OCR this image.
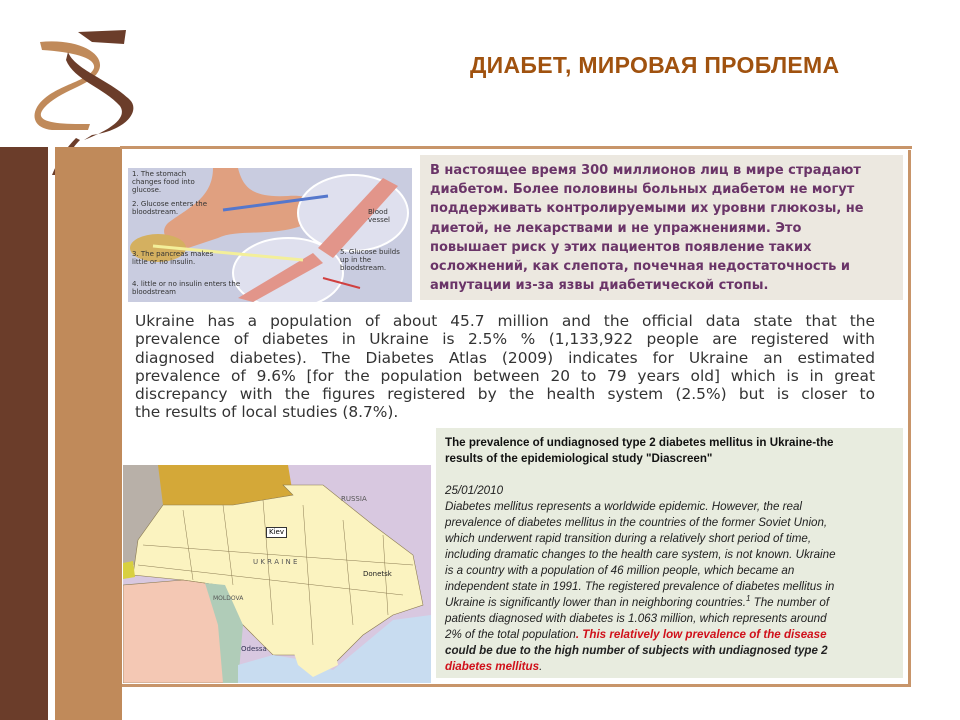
ДИАБЕТ, МИРОВАЯ ПРОБЛЕМА
1. The stomach changes food into glucose.
2. Glucose enters the bloodstream.
3. The pancreas makes little or no insulin.
4. little or no insulin enters the bloodstream
5. Glucose builds up in the bloodstream.
Blood vessel
В настоящее время 300 миллионов лиц в мире страдают
диабетом. Более половины больных диабетом не могут
поддерживать контролируемыми их уровни глюкозы, не
диетой, не лекарствами и не упражнениями. Это
повышает риск у этих пациентов появление таких
осложнений, как слепота, почечная недостаточность и
ампутации из-за язвы диабетической стопы.
Ukraine has a population of about 45.7 million and the official data state that the
prevalence of diabetes in Ukraine is 2.5% % (1,133,922 people are registered with
diagnosed diabetes). The Diabetes Atlas (2009) indicates for Ukraine an estimated
prevalence of 9.6% [for the population between 20 to 79 years old] which is in great
discrepancy with the figures registered by the health system (2.5%) but is closer to
the results of local studies (8.7%).
Kiev
U K R A I N E
MOLDOVA
RUSSIA
Odessa
Donetsk
The prevalence of undiagnosed type 2 diabetes mellitus in Ukraine-the
results of the epidemiological study "Diascreen"
25/01/2010
Diabetes mellitus represents a worldwide epidemic. However, the real
prevalence of diabetes mellitus in the countries of the former Soviet Union,
which underwent rapid transition during a relatively short period of time,
including dramatic changes to the health care system, is not known. Ukraine
is a country with a population of 46 million people, which became an
independent state in 1991. The registered prevalence of diabetes mellitus in
Ukraine is significantly lower than in neighboring countries.$^1$ The number of
patients diagnosed with diabetes is 1.063 million, which represents around
2% of the total population. This relatively low prevalence of the disease
could be due to the high number of subjects with undiagnosed type 2
diabetes mellitus.
